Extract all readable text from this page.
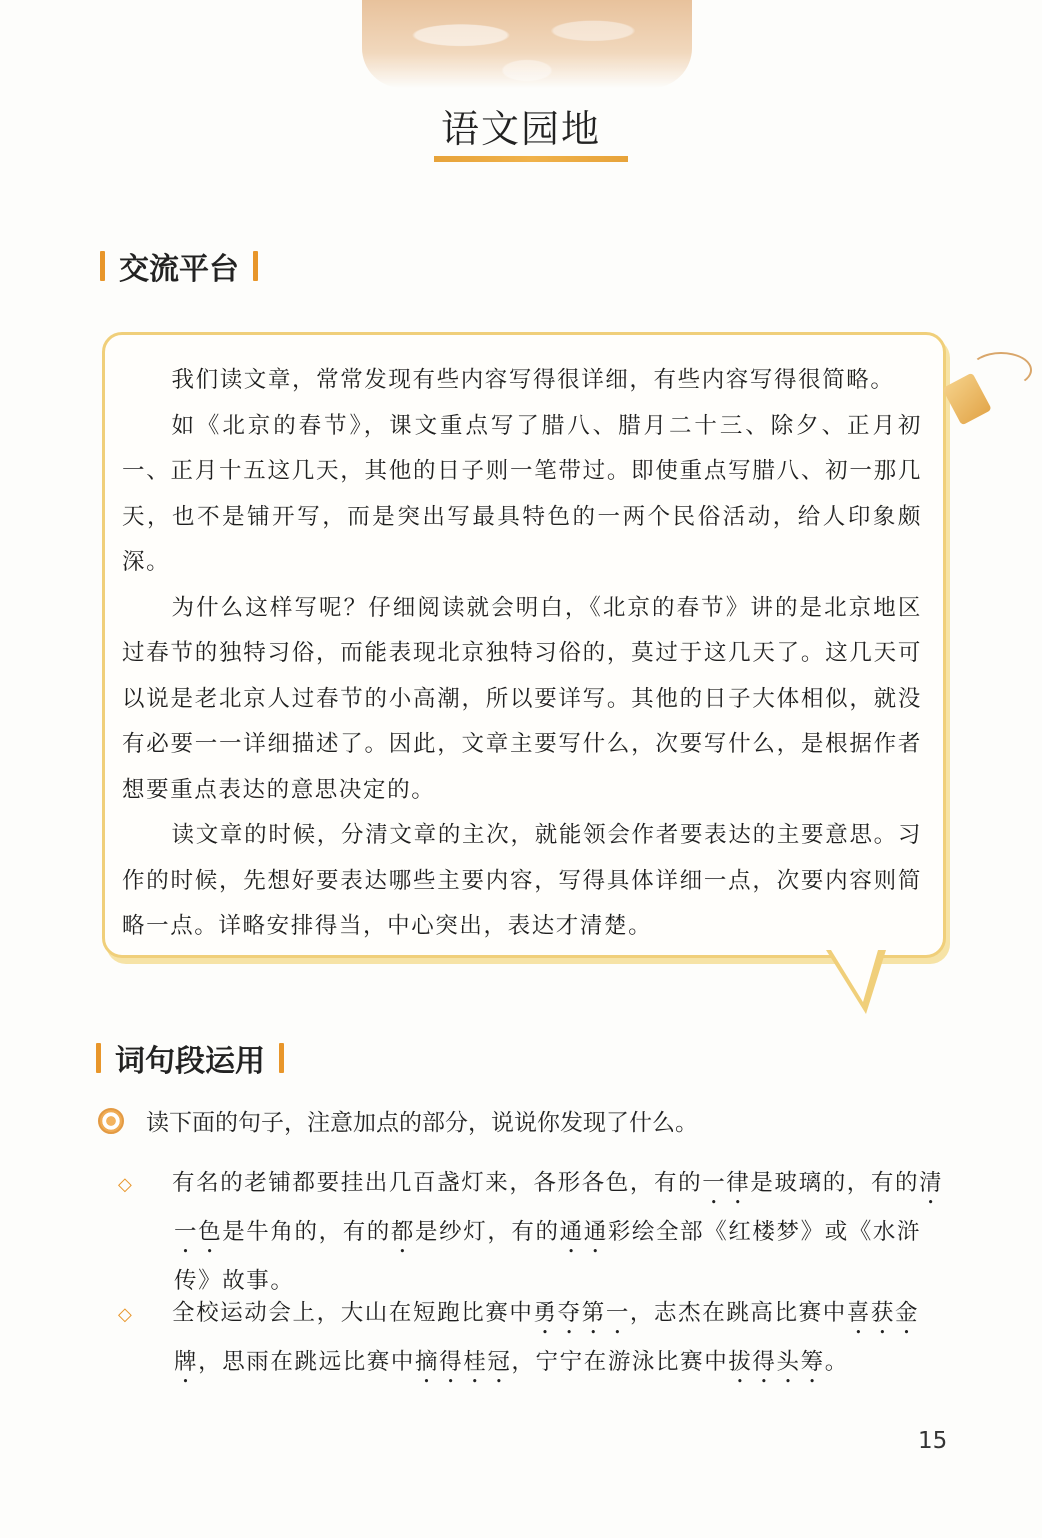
语文园地
交流平台

我们读文章，常常发现有些内容写得很详细，有些内容写得很简略。

如《北京的春节》，课文重点写了腊八、腊月二十三、除夕、正月初一、正月十五这几天，其他的日子则一笔带过。即使重点写腊八、初一那几天，也不是铺开写，而是突出写最具特色的一两个民俗活动，给人印象颇深。

为什么这样写呢？仔细阅读就会明白，《北京的春节》讲的是北京地区过春节的独特习俗，而能表现北京独特习俗的，莫过于这几天了。这几天可以说是老北京人过春节的小高潮，所以要详写。其他的日子大体相似，就没有必要一一详细描述了。因此，文章主要写什么，次要写什么，是根据作者想要重点表达的意思决定的。

读文章的时候，分清文章的主次，就能领会作者要表达的主要意思。习作的时候，先想好要表达哪些主要内容，写得具体详细一点，次要内容则简略一点。详略安排得当，中心突出，表达才清楚。

词句段运用
读下面的句子，注意加点的部分，说说你发现了什么。
◇ 有名的老铺都要挂出几百盏灯来，各形各色，有的一律是玻璃的，有的清一色是牛角的，有的都是纱灯，有的通通彩绘全部《红楼梦》或《水浒传》故事。
◇ 全校运动会上，大山在短跑比赛中勇夺第一，志杰在跳高比赛中喜获金牌，思雨在跳远比赛中摘得桂冠，宁宁在游泳比赛中拔得头筹。
15
